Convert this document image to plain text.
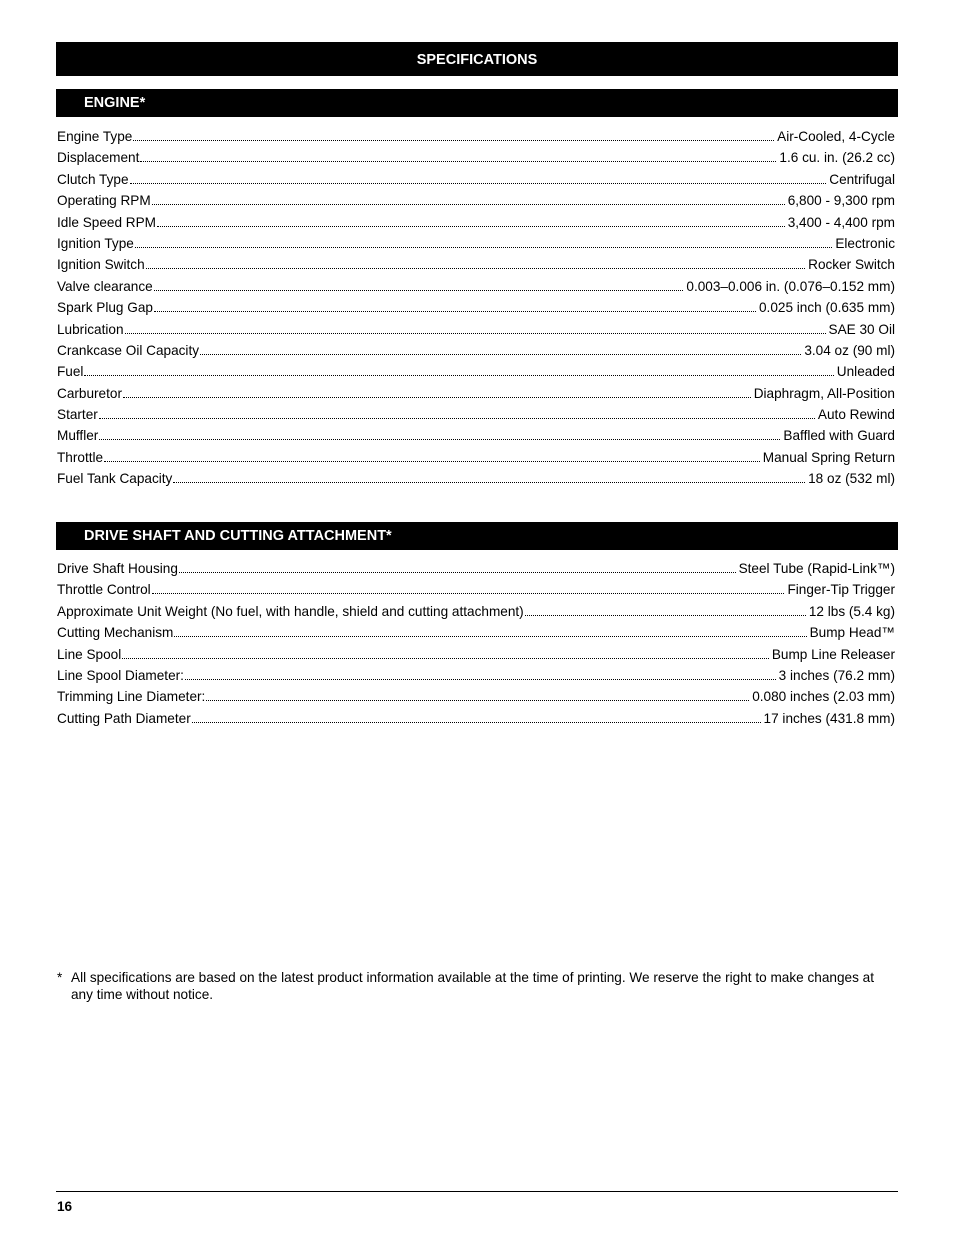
SPECIFICATIONS
ENGINE*
Engine Type	Air-Cooled, 4-Cycle
Displacement	1.6 cu. in. (26.2 cc)
Clutch Type	Centrifugal
Operating RPM	6,800 - 9,300 rpm
Idle Speed RPM	3,400 - 4,400 rpm
Ignition Type	Electronic
Ignition Switch	Rocker Switch
Valve clearance	0.003–0.006 in. (0.076–0.152 mm)
Spark Plug Gap	0.025 inch (0.635 mm)
Lubrication	SAE 30 Oil
Crankcase Oil Capacity	3.04 oz (90 ml)
Fuel	Unleaded
Carburetor	Diaphragm, All-Position
Starter	Auto Rewind
Muffler	Baffled with Guard
Throttle	Manual Spring Return
Fuel Tank Capacity	18 oz (532 ml)
DRIVE SHAFT AND CUTTING ATTACHMENT*
Drive Shaft Housing	Steel Tube (Rapid-Link™)
Throttle Control	Finger-Tip Trigger
Approximate Unit Weight (No fuel, with handle, shield and cutting attachment)	12 lbs (5.4 kg)
Cutting Mechanism	Bump Head™
Line Spool	Bump Line Releaser
Line Spool Diameter:	3 inches (76.2 mm)
Trimming Line Diameter:	0.080 inches (2.03 mm)
Cutting Path Diameter	17 inches (431.8 mm)
* All specifications are based on the latest product information available at the time of printing. We reserve the right to make changes at any time without notice.
16
